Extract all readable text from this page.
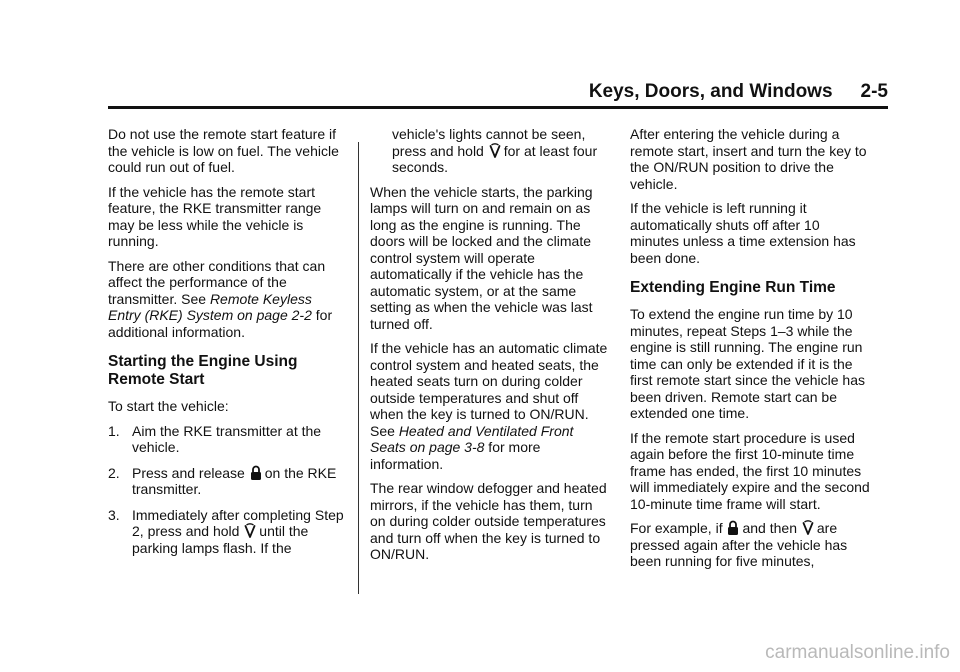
Keys, Doors, and Windows 2-5

Do not use the remote start feature if the vehicle is low on fuel. The vehicle could run out of fuel.

If the vehicle has the remote start feature, the RKE transmitter range may be less while the vehicle is running.

There are other conditions that can affect the performance of the transmitter. See Remote Keyless Entry (RKE) System on page 2-2 for additional information.

Starting the Engine Using Remote Start

To start the vehicle:

1. Aim the RKE transmitter at the vehicle.
2. Press and release
on the RKE transmitter.
3. Immediately after completing Step 2, press and hold
until the parking lamps flash. If the

vehicle's lights cannot be seen, press and hold
for at least four seconds.

When the vehicle starts, the parking lamps will turn on and remain on as long as the engine is running. The doors will be locked and the climate control system will operate automatically if the vehicle has the automatic system, or at the same setting as when the vehicle was last turned off.

If the vehicle has an automatic climate control system and heated seats, the heated seats turn on during colder outside temperatures and shut off when the key is turned to ON/RUN. See Heated and Ventilated Front Seats on page 3-8 for more information.

The rear window defogger and heated mirrors, if the vehicle has them, turn on during colder outside temperatures and turn off when the key is turned to ON/RUN.

After entering the vehicle during a remote start, insert and turn the key to the ON/RUN position to drive the vehicle.

If the vehicle is left running it automatically shuts off after 10 minutes unless a time extension has been done.

Extending Engine Run Time

To extend the engine run time by 10 minutes, repeat Steps 1–3 while the engine is still running. The engine run time can only be extended if it is the first remote start since the vehicle has been driven. Remote start can be extended one time.

If the remote start procedure is used again before the first 10-minute time frame has ended, the first 10 minutes will immediately expire and the second 10-minute time frame will start.

For example, if
and then
are pressed again after the vehicle has been running for five minutes,

carmanualsonline.info
